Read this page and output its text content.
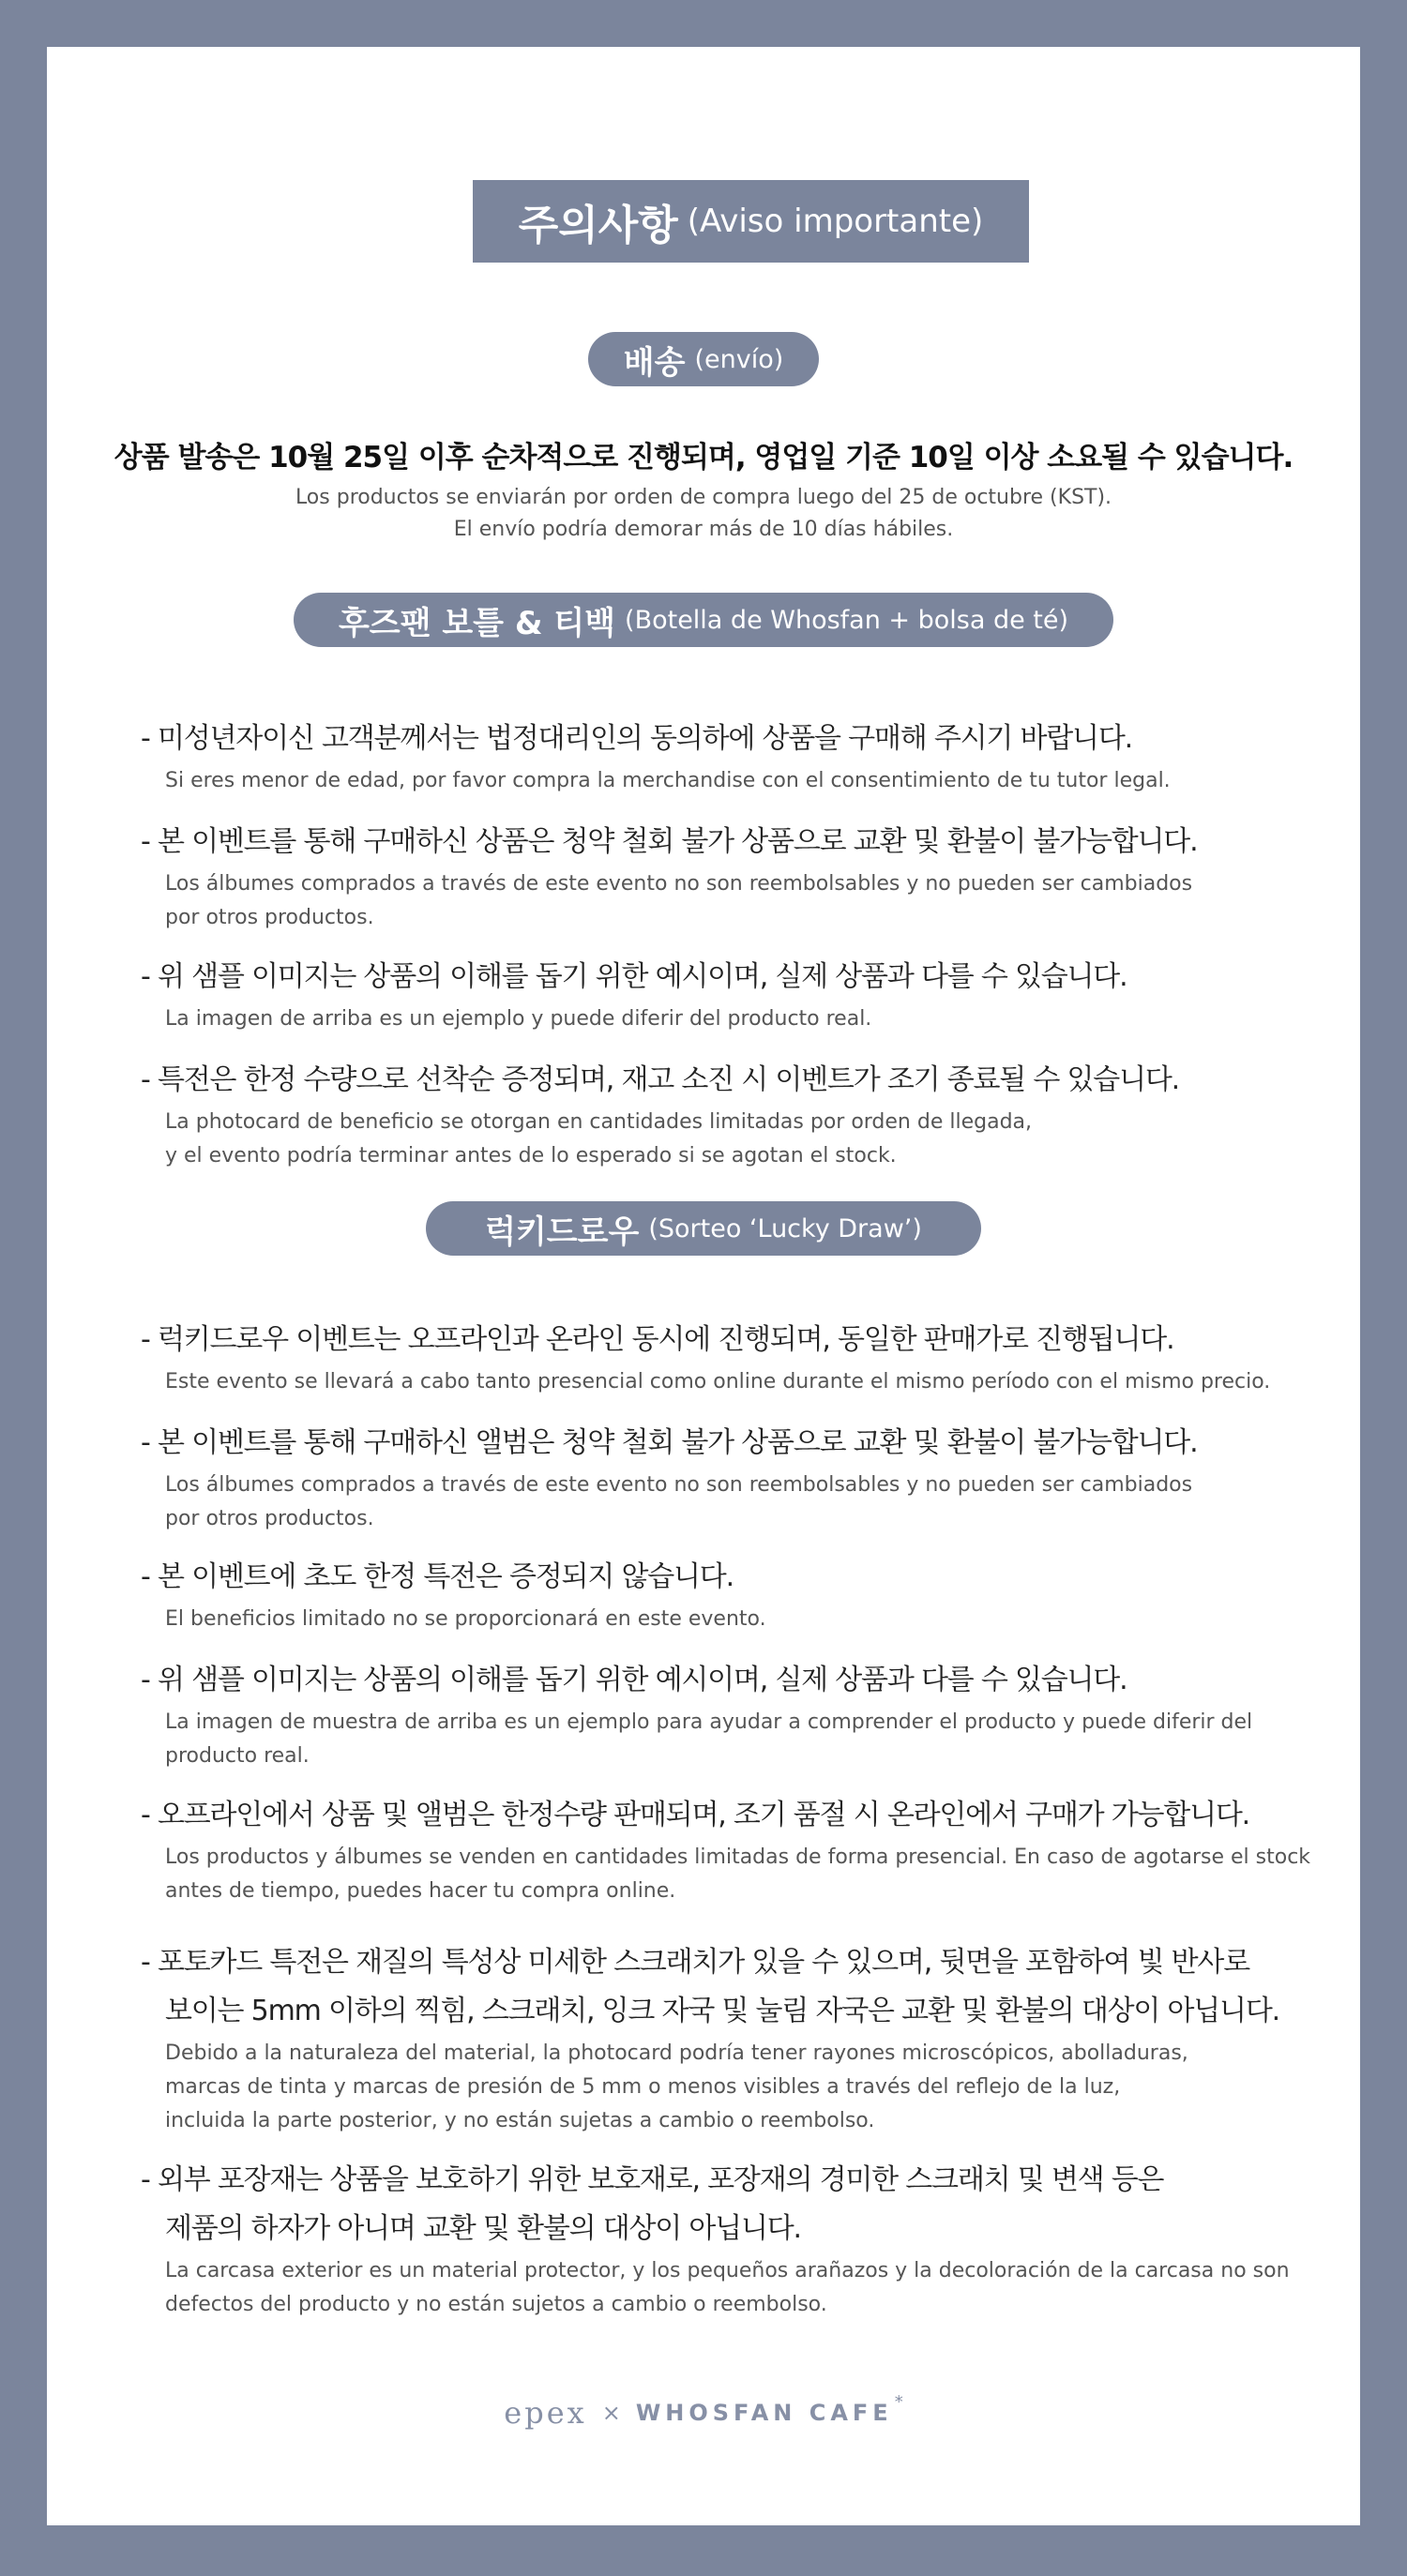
주의사항 (Aviso importante)
배송 (envío)
상품 발송은 10월 25일 이후 순차적으로 진행되며, 영업일 기준 10일 이상 소요될 수 있습니다.
Los productos se enviarán por orden de compra luego del 25 de octubre (KST).
El envío podría demorar más de 10 días hábiles.
후즈팬 보틀 & 티백 (Botella de Whosfan + bolsa de té)
- 미성년자이신 고객분께서는 법정대리인의 동의하에 상품을 구매해 주시기 바랍니다.
Si eres menor de edad, por favor compra la merchandise con el consentimiento de tu tutor legal.
- 본 이벤트를 통해 구매하신 상품은 청약 철회 불가 상품으로 교환 및 환불이 불가능합니다.
Los álbumes comprados a través de este evento no son reembolsables y no pueden ser cambiados
por otros productos.
- 위 샘플 이미지는 상품의 이해를 돕기 위한 예시이며, 실제 상품과 다를 수 있습니다.
La imagen de arriba es un ejemplo y puede diferir del producto real.
- 특전은 한정 수량으로 선착순 증정되며, 재고 소진 시 이벤트가 조기 종료될 수 있습니다.
La photocard de beneficio se otorgan en cantidades limitadas por orden de llegada,
y el evento podría terminar antes de lo esperado si se agotan el stock.
럭키드로우 (Sorteo ‘Lucky Draw’)
- 럭키드로우 이벤트는 오프라인과 온라인 동시에 진행되며, 동일한 판매가로 진행됩니다.
Este evento se llevará a cabo tanto presencial como online durante el mismo período con el mismo precio.
- 본 이벤트를 통해 구매하신 앨범은 청약 철회 불가 상품으로 교환 및 환불이 불가능합니다.
Los álbumes comprados a través de este evento no son reembolsables y no pueden ser cambiados
por otros productos.
- 본 이벤트에 초도 한정 특전은 증정되지 않습니다.
El beneficios limitado no se proporcionará en este evento.
- 위 샘플 이미지는 상품의 이해를 돕기 위한 예시이며, 실제 상품과 다를 수 있습니다.
La imagen de muestra de arriba es un ejemplo para ayudar a comprender el producto y puede diferir del
producto real.
- 오프라인에서 상품 및 앨범은 한정수량 판매되며, 조기 품절 시 온라인에서 구매가 가능합니다.
Los productos y álbumes se venden en cantidades limitadas de forma presencial. En caso de agotarse el stock
antes de tiempo, puedes hacer tu compra online.
- 포토카드 특전은 재질의 특성상 미세한 스크래치가 있을 수 있으며, 뒷면을 포함하여 빛 반사로
보이는 5mm 이하의 찍힘, 스크래치, 잉크 자국 및 눌림 자국은 교환 및 환불의 대상이 아닙니다.
Debido a la naturaleza del material, la photocard podría tener rayones microscópicos, abolladuras,
marcas de tinta y marcas de presión de 5 mm o menos visibles a través del reflejo de la luz,
incluida la parte posterior, y no están sujetas a cambio o reembolso.
- 외부 포장재는 상품을 보호하기 위한 보호재로, 포장재의 경미한 스크래치 및 변색 등은
제품의 하자가 아니며 교환 및 환불의 대상이 아닙니다.
La carcasa exterior es un material protector, y los pequeños arañazos y la decoloración de la carcasa no son
defectos del producto y no están sujetos a cambio o reembolso.
epex × WHOSFAN CAFE *
